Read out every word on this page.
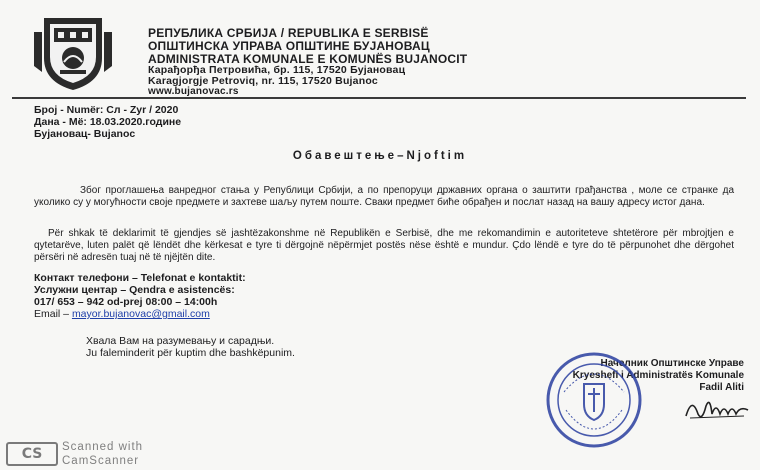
РЕПУБЛИКА СРБИЈА / REPUBLIKA E SERBISË
ОПШТИНСКА УПРАВА ОПШТИНЕ БУЈАНОВАЦ
ADMINISTRATA KOMUNALE E KOMUNËS BUJANOCIT
Карађорђа Петровића, бр. 115, 17520 Бујановац
Karagjorgje Petroviq, nr. 115, 17520 Bujanoc
www.bujanovac.rs
Број - Numër: Сл - Zyr / 2020
Дана - Më: 18.03.2020.године
Бујановац- Bujanoc
Обавештење–Njoftim

Због проглашења ванредног стања у Републици Србији, а по препоруци државних органа о заштити грађанства , моле се странке да уколико су у могућности своје предмете и захтеве шаљу путем поште. Сваки предмет биће обрађен и послат назад на вашу адресу истог дана.

Për shkak të deklarimit të gjendjes së jashtëzakonshme në Republikën e Serbisë, dhe me rekomandimin e autoriteteve shtetërore për mbrojtjen e qytetarëve, luten palët që lëndët dhe kërkesat e tyre ti dërgojnë nëpërmjet postës nëse është e mundur. Çdo lëndë e tyre do të përpunohet dhe dërgohet përsëri në adresën tuaj në të njëjtën dite.

Контакт телефони – Telefonat e kontaktit:
Услужни центар – Qendra e asistencës:
017/ 653 – 942 od-prej 08:00 – 14:00h
Email – mayor.bujanovac@gmail.com
Хвала Вам на разумевању и сарадњи.
Ju faleminderit për kuptim dhe bashkëpunim.
Начелник Општинске Управе
Kryeshefi i Administratës Komunale
Fadil Aliti
CS	Scanned with
CamScanner
